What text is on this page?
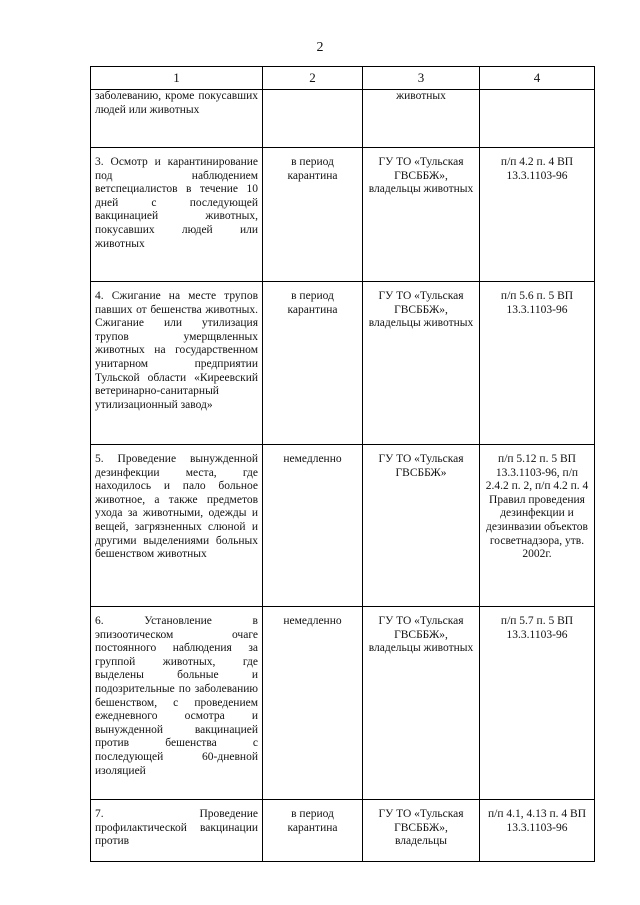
2
1	2	3	4
заболеванию, кроме покусавших людей или животных		животных	
3. Осмотр и карантинирование под наблюдением ветспециалистов в течение 10 дней с последующей вакцинацией животных, покусавших людей или животных	в период карантина	ГУ ТО «Тульская ГВСББЖ», владельцы животных	п/п 4.2 п. 4 ВП 13.3.1103-96
4. Сжигание на месте трупов павших от бешенства животных. Сжигание или утилизация трупов умерщвленных животных на государственном унитарном предприятии Тульской области «Киреевский ветеринарно-санитарный утилизационный завод»	в период карантина	ГУ ТО «Тульская ГВСББЖ», владельцы животных	п/п 5.6 п. 5 ВП 13.3.1103-96
5. Проведение вынужденной дезинфекции места, где находилось и пало больное животное, а также предметов ухода за животными, одежды и вещей, загрязненных слюной и другими выделениями больных бешенством животных	немедленно	ГУ ТО «Тульская ГВСББЖ»	п/п 5.12 п. 5 ВП 13.3.1103-96, п/п 2.4.2 п. 2, п/п 4.2 п. 4 Правил проведения дезинфекции и дезинвазии объектов госветнадзора, утв. 2002г.
6. Установление в эпизоотическом очаге постоянного наблюдения за группой животных, где выделены больные и подозрительные по заболеванию бешенством, с проведением ежедневного осмотра и вынужденной вакцинацией против бешенства с последующей 60-дневной изоляцией	немедленно	ГУ ТО «Тульская ГВСББЖ», владельцы животных	п/п 5.7 п. 5 ВП 13.3.1103-96
7. Проведение профилактической вакцинации против	в период карантина	ГУ ТО «Тульская ГВСББЖ», владельцы	п/п 4.1, 4.13 п. 4 ВП 13.3.1103-96
